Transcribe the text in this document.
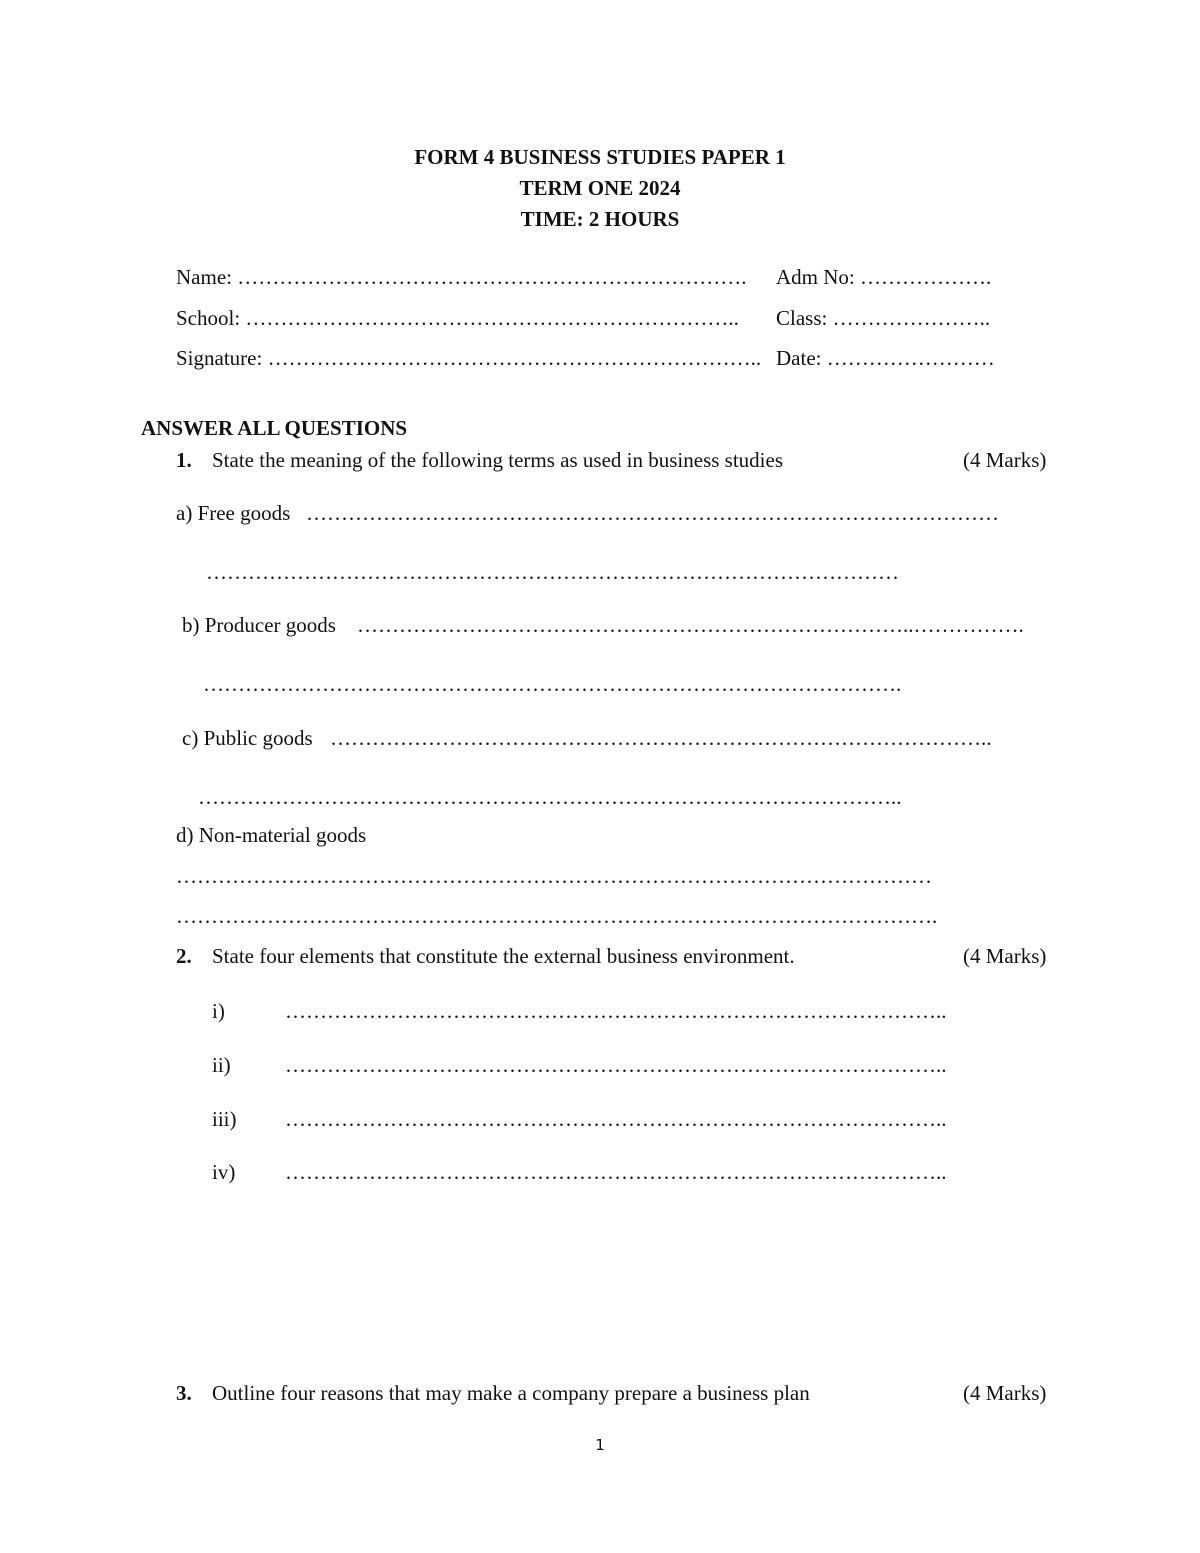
FORM 4 BUSINESS STUDIES PAPER 1
TERM ONE 2024
TIME: 2 HOURS
Name: ………………………………………………………………. Adm No: ……………….
School: …………………………………………………………….. Class: …………………..
Signature: …………………………………………………………….. Date: ……………………
ANSWER ALL QUESTIONS
1. State the meaning of the following terms as used in business studies	(4 Marks)
a) Free goods ………………………………………………………………………………………
………………………………………………………………………………………
b) Producer goods ……………………………………………………………………..…………….
……………………………………………………………………………………….
c) Public goods …………………………………………………………………………………..
………………………………………………………………………………………..
d) Non-material goods
………………………………………………………………………………………………
……………………………………………………………………………………………….
2. State four elements that constitute the external business environment.	(4 Marks)
i)	…………………………………………………………………………………..
ii)	…………………………………………………………………………………..
iii) …………………………………………………………………………………..
iv) …………………………………………………………………………………..
3. Outline four reasons that may make a company prepare a business plan	(4 Marks)
1
